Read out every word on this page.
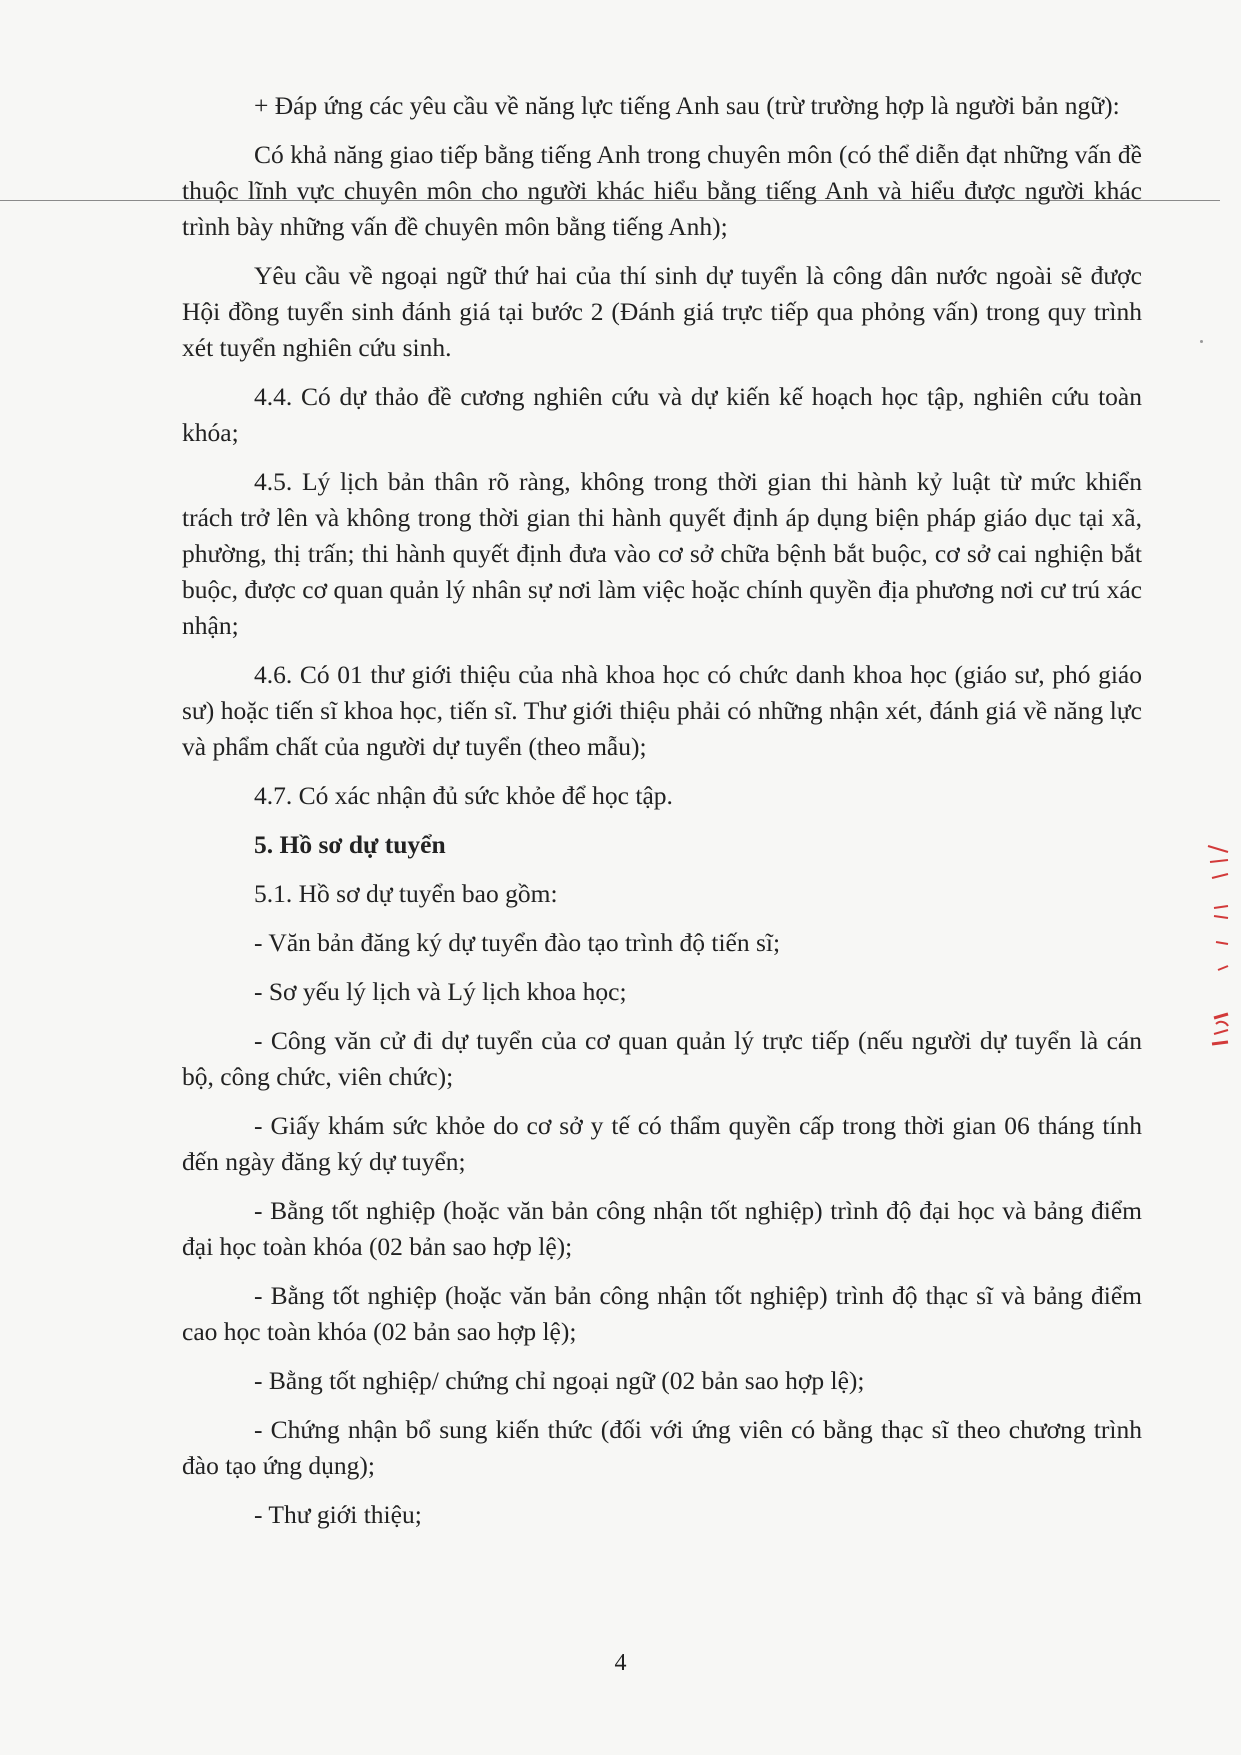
+ Đáp ứng các yêu cầu về năng lực tiếng Anh sau (trừ trường hợp là người bản ngữ):

Có khả năng giao tiếp bằng tiếng Anh trong chuyên môn (có thể diễn đạt những vấn đề thuộc lĩnh vực chuyên môn cho người khác hiểu bằng tiếng Anh và hiểu được người khác trình bày những vấn đề chuyên môn bằng tiếng Anh);

Yêu cầu về ngoại ngữ thứ hai của thí sinh dự tuyển là công dân nước ngoài sẽ được Hội đồng tuyển sinh đánh giá tại bước 2 (Đánh giá trực tiếp qua phỏng vấn) trong quy trình xét tuyển nghiên cứu sinh.

4.4. Có dự thảo đề cương nghiên cứu và dự kiến kế hoạch học tập, nghiên cứu toàn khóa;

4.5. Lý lịch bản thân rõ ràng, không trong thời gian thi hành kỷ luật từ mức khiển trách trở lên và không trong thời gian thi hành quyết định áp dụng biện pháp giáo dục tại xã, phường, thị trấn; thi hành quyết định đưa vào cơ sở chữa bệnh bắt buộc, cơ sở cai nghiện bắt buộc, được cơ quan quản lý nhân sự nơi làm việc hoặc chính quyền địa phương nơi cư trú xác nhận;

4.6. Có 01 thư giới thiệu của nhà khoa học có chức danh khoa học (giáo sư, phó giáo sư) hoặc tiến sĩ khoa học, tiến sĩ. Thư giới thiệu phải có những nhận xét, đánh giá về năng lực và phẩm chất của người dự tuyển (theo mẫu);

4.7. Có xác nhận đủ sức khỏe để học tập.

5. Hồ sơ dự tuyển

5.1. Hồ sơ dự tuyển bao gồm:

- Văn bản đăng ký dự tuyển đào tạo trình độ tiến sĩ;

- Sơ yếu lý lịch và Lý lịch khoa học;

- Công văn cử đi dự tuyển của cơ quan quản lý trực tiếp (nếu người dự tuyển là cán bộ, công chức, viên chức);

- Giấy khám sức khỏe do cơ sở y tế có thẩm quyền cấp trong thời gian 06 tháng tính đến ngày đăng ký dự tuyển;

- Bằng tốt nghiệp (hoặc văn bản công nhận tốt nghiệp) trình độ đại học và bảng điểm đại học toàn khóa (02 bản sao hợp lệ);

- Bằng tốt nghiệp (hoặc văn bản công nhận tốt nghiệp) trình độ thạc sĩ và bảng điểm cao học toàn khóa (02 bản sao hợp lệ);

- Bằng tốt nghiệp/ chứng chỉ ngoại ngữ (02 bản sao hợp lệ);

- Chứng nhận bổ sung kiến thức (đối với ứng viên có bằng thạc sĩ theo chương trình đào tạo ứng dụng);

- Thư giới thiệu;

4
